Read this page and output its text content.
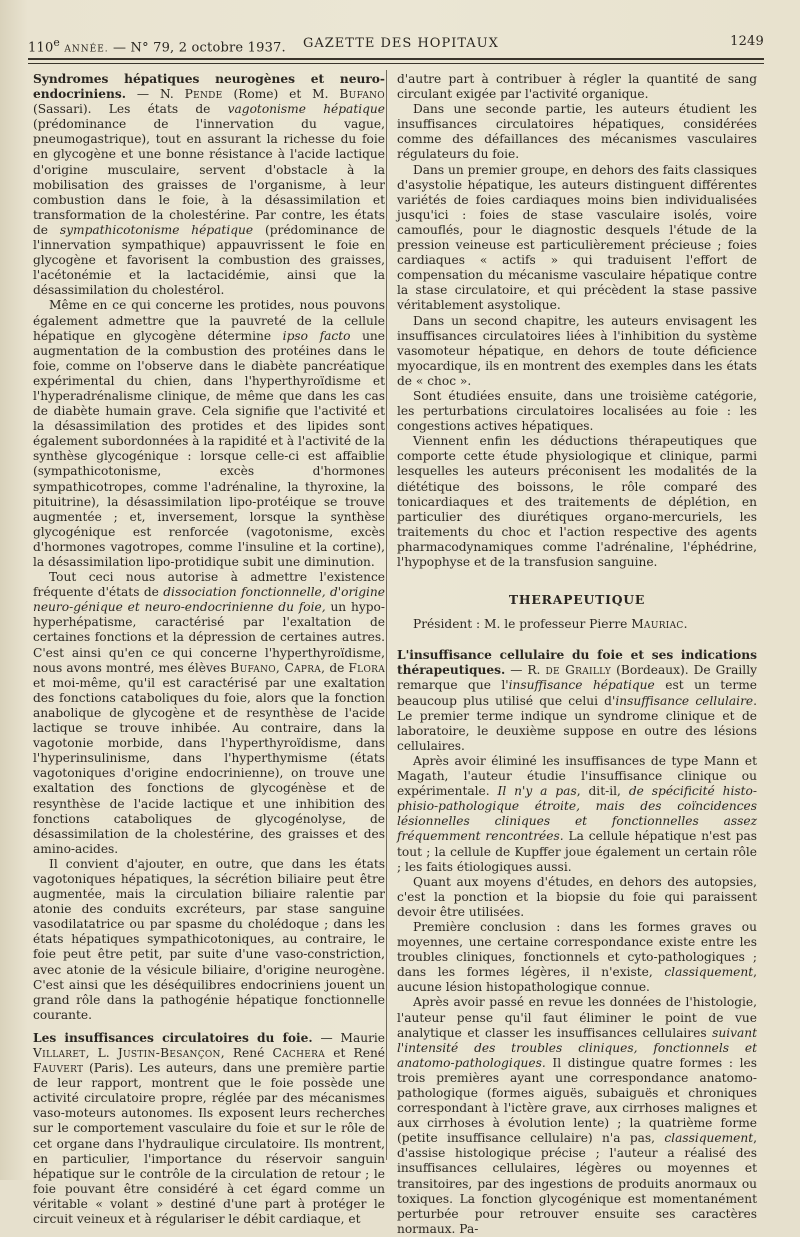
110e ANNÉE. — N° 79, 2 octobre 1937. GAZETTE DES HOPITAUX	1249

Syndromes hépatiques neurogènes et neuro-endocriniens. — N. Pende (Rome) et M. Bufano (Sassari). Les états de vagotonisme hépatique (prédominance de l'innervation du vague, pneumogastrique), tout en assurant la richesse du foie en glycogène et une bonne résistance à l'acide lactique d'origine musculaire, servent d'obstacle à la mobilisation des graisses de l'organisme, à leur combustion dans le foie, à la désassimilation et transformation de la cholestérine. Par contre, les états de sympathicotonisme hépatique (prédominance de l'innervation sympathique) appauvrissent le foie en glycogène et favorisent la combustion des graisses, l'acétonémie et la lactacidémie, ainsi que la désassimilation du cholestérol.

Même en ce qui concerne les protides, nous pouvons également admettre que la pauvreté de la cellule hépatique en glycogène détermine ipso facto une augmentation de la combustion des protéines dans le foie, comme on l'observe dans le diabète pancréatique expérimental du chien, dans l'hyperthyroïdisme et l'hyperadrénalisme clinique, de même que dans les cas de diabète humain grave. Cela signifie que l'activité et la désassimilation des protides et des lipides sont également subordonnées à la rapidité et à l'activité de la synthèse glycogénique : lorsque celle-ci est affaiblie (sympathicotonisme, excès d'hormones sympathicotropes, comme l'adrénaline, la thyroxine, la pituitrine), la désassimilation lipo-protéique se trouve augmentée ; et, inversement, lorsque la synthèse glycogénique est renforcée (vagotonisme, excès d'hormones vagotropes, comme l'insuline et la cortine), la désassimilation lipo-protidique subit une diminution.

Tout ceci nous autorise à admettre l'existence fréquente d'états de dissociation fonctionnelle, d'origine neuro-génique et neuro-endocrinienne du foie, un hypo-hyperhépatisme, caractérisé par l'exaltation de certaines fonctions et la dépression de certaines autres. C'est ainsi qu'en ce qui concerne l'hyperthyroïdisme, nous avons montré, mes élèves Bufano, Capra, de Flora et moi-même, qu'il est caractérisé par une exaltation des fonctions cataboliques du foie, alors que la fonction anabolique de glycogène et de resynthèse de l'acide lactique se trouve inhibée. Au contraire, dans la vagotonie morbide, dans l'hyperthyroïdisme, dans l'hyperinsulinisme, dans l'hyperthymisme (états vagotoniques d'origine endocrinienne), on trouve une exaltation des fonctions de glycogénèse et de resynthèse de l'acide lactique et une inhibition des fonctions cataboliques de glycogénolyse, de désassimilation de la cholestérine, des graisses et des amino-acides.

Il convient d'ajouter, en outre, que dans les états vagotoniques hépatiques, la sécrétion biliaire peut être augmentée, mais la circulation biliaire ralentie par atonie des conduits excréteurs, par stase sanguine vasodilatatrice ou par spasme du cholédoque ; dans les états hépatiques sympathicotoniques, au contraire, le foie peut être petit, par suite d'une vaso-constriction, avec atonie de la vésicule biliaire, d'origine neurogène. C'est ainsi que les déséquilibres endocriniens jouent un grand rôle dans la pathogénie hépatique fonctionnelle courante.

Les insuffisances circulatoires du foie. — Maurie Villaret, L. Justin-Besançon, René Cachera et René Fauvert (Paris). Les auteurs, dans une première partie de leur rapport, montrent que le foie possède une activité circulatoire propre, réglée par des mécanismes vaso-moteurs autonomes. Ils exposent leurs recherches sur le comportement vasculaire du foie et sur le rôle de cet organe dans l'hydraulique circulatoire. Ils montrent, en particulier, l'importance du réservoir sanguin hépatique sur le contrôle de la circulation de retour ; le foie pouvant être considéré à cet égard comme un véritable « volant » destiné d'une part à protéger le circuit veineux et à régulariser le débit cardiaque, et

d'autre part à contribuer à régler la quantité de sang circulant exigée par l'activité organique.

Dans une seconde partie, les auteurs étudient les insuffisances circulatoires hépatiques, considérées comme des défaillances des mécanismes vasculaires régulateurs du foie.

Dans un premier groupe, en dehors des faits classiques d'asystolie hépatique, les auteurs distinguent différentes variétés de foies cardiaques moins bien individualisées jusqu'ici : foies de stase vasculaire isolés, voire camouflés, pour le diagnostic desquels l'étude de la pression veineuse est particulièrement précieuse ; foies cardiaques « actifs » qui traduisent l'effort de compensation du mécanisme vasculaire hépatique contre la stase circulatoire, et qui précèdent la stase passive véritablement asystolique.

Dans un second chapitre, les auteurs envisagent les insuffisances circulatoires liées à l'inhibition du système vasomoteur hépatique, en dehors de toute déficience myocardique, ils en montrent des exemples dans les états de « choc ».

Sont étudiées ensuite, dans une troisième catégorie, les perturbations circulatoires localisées au foie : les congestions actives hépatiques.

Viennent enfin les déductions thérapeutiques que comporte cette étude physiologique et clinique, parmi lesquelles les auteurs préconisent les modalités de la diététique des boissons, le rôle comparé des tonicardiaques et des traitements de déplétion, en particulier des diurétiques organo-mercuriels, les traitements du choc et l'action respective des agents pharmacodynamiques comme l'adrénaline, l'éphédrine, l'hypophyse et de la transfusion sanguine.

THERAPEUTIQUE

Président : M. le professeur Pierre Mauriac.

L'insuffisance cellulaire du foie et ses indications thérapeutiques. — R. de Grailly (Bordeaux). De Grailly remarque que l'insuffisance hépatique est un terme beaucoup plus utilisé que celui d'insuffisance cellulaire. Le premier terme indique un syndrome clinique et de laboratoire, le deuxième suppose en outre des lésions cellulaires.

Après avoir éliminé les insuffisances de type Mann et Magath, l'auteur étudie l'insuffisance clinique ou expérimentale. Il n'y a pas, dit-il, de spécificité histo-phisio-pathologique étroite, mais des coïncidences lésionnelles cliniques et fonctionnelles assez fréquemment rencontrées. La cellule hépatique n'est pas tout ; la cellule de Kupffer joue également un certain rôle ; les faits étiologiques aussi.

Quant aux moyens d'études, en dehors des autopsies, c'est la ponction et la biopsie du foie qui paraissent devoir être utilisées.

Première conclusion : dans les formes graves ou moyennes, une certaine correspondance existe entre les troubles cliniques, fonctionnels et cyto-pathologiques ; dans les formes légères, il n'existe, classiquement, aucune lésion histopathologique connue.

Après avoir passé en revue les données de l'histologie, l'auteur pense qu'il faut éliminer le point de vue analytique et classer les insuffisances cellulaires suivant l'intensité des troubles cliniques, fonctionnels et anatomo-pathologiques. Il distingue quatre formes : les trois premières ayant une correspondance anatomo-pathologique (formes aiguës, subaiguës et chroniques correspondant à l'ictère grave, aux cirrhoses malignes et aux cirrhoses à évolution lente) ; la quatrième forme (petite insuffisance cellulaire) n'a pas, classiquement, d'assise histologique précise ; l'auteur a réalisé des insuffisances cellulaires, légères ou moyennes et transitoires, par des ingestions de produits anormaux ou toxiques. La fonction glycogénique est momentanément perturbée pour retrouver ensuite ses caractères normaux. Pa-
